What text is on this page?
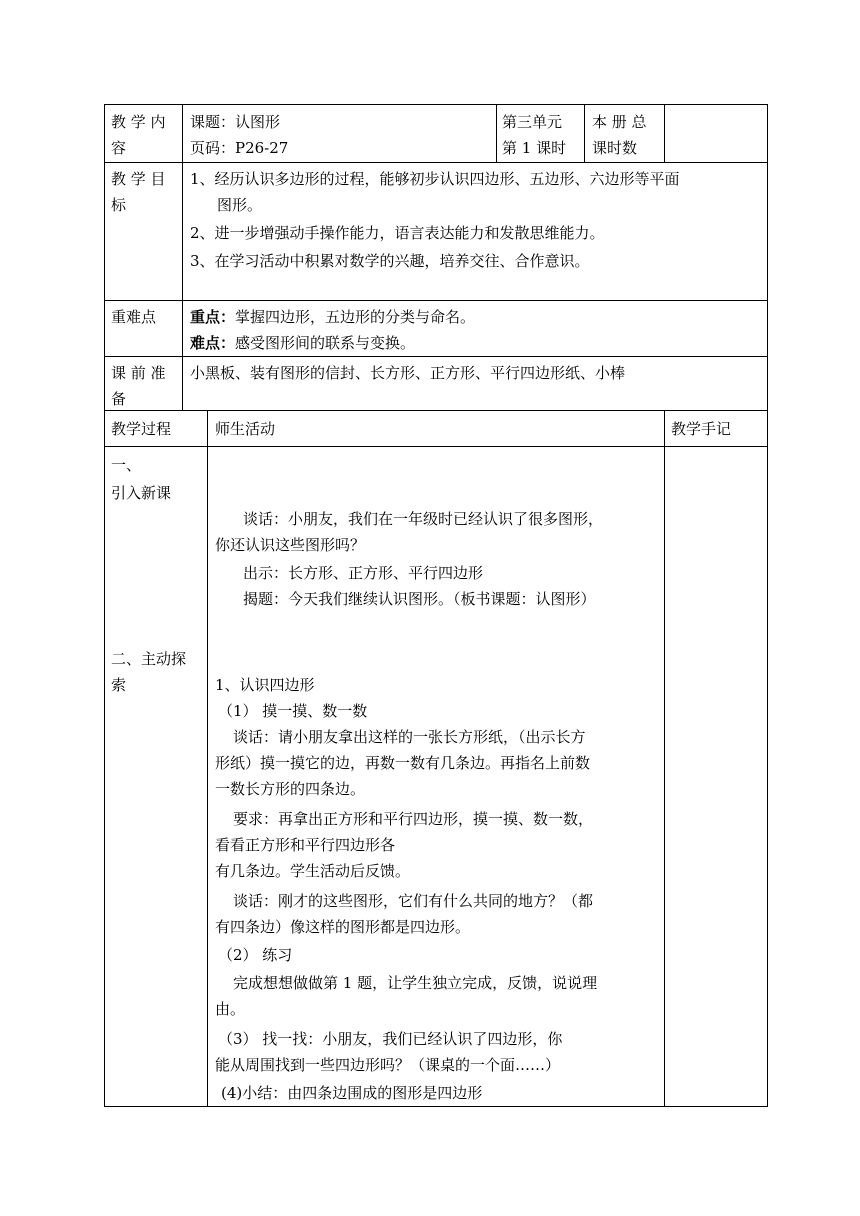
教 学 内
容
课题：认图形
页码：P26-27
第三单元
第 1 课时
本 册 总
课时数
教 学 目
标
1、经历认识多边形的过程，能够初步认识四边形、五边形、六边形等平面
图形。
2、进一步增强动手操作能力，语言表达能力和发散思维能力。
3、在学习活动中积累对数学的兴趣，培养交往、合作意识。
重难点 重点：掌握四边形，五边形的分类与命名。
难点：感受图形间的联系与变换。
课 前 准
备
小黑板、装有图形的信封、长方形、正方形、平行四边形纸、小棒
教学过程	师生活动	教学手记
一、
引入新课
二、主动探
索
谈话：小朋友，我们在一年级时已经认识了很多图形，
你还认识这些图形吗？
出示：长方形、正方形、平行四边形
揭题：今天我们继续认识图形。（板书课题：认图形）
1、认识四边形
（1） 摸一摸、数一数
谈话：请小朋友拿出这样的一张长方形纸，（出示长方
形纸）摸一摸它的边，再数一数有几条边。再指名上前数
一数长方形的四条边。
要求：再拿出正方形和平行四边形，摸一摸、数一数，
看看正方形和平行四边形各
有几条边。学生活动后反馈。
谈话：刚才的这些图形，它们有什么共同的地方？（都
有四条边）像这样的图形都是四边形。
（2） 练习
完成想想做做第 1 题，让学生独立完成，反馈，说说理
由。
（3） 找一找：小朋友，我们已经认识了四边形，你
能从周围找到一些四边形吗？（课桌的一个面……）
(4)小结：由四条边围成的图形是四边形
